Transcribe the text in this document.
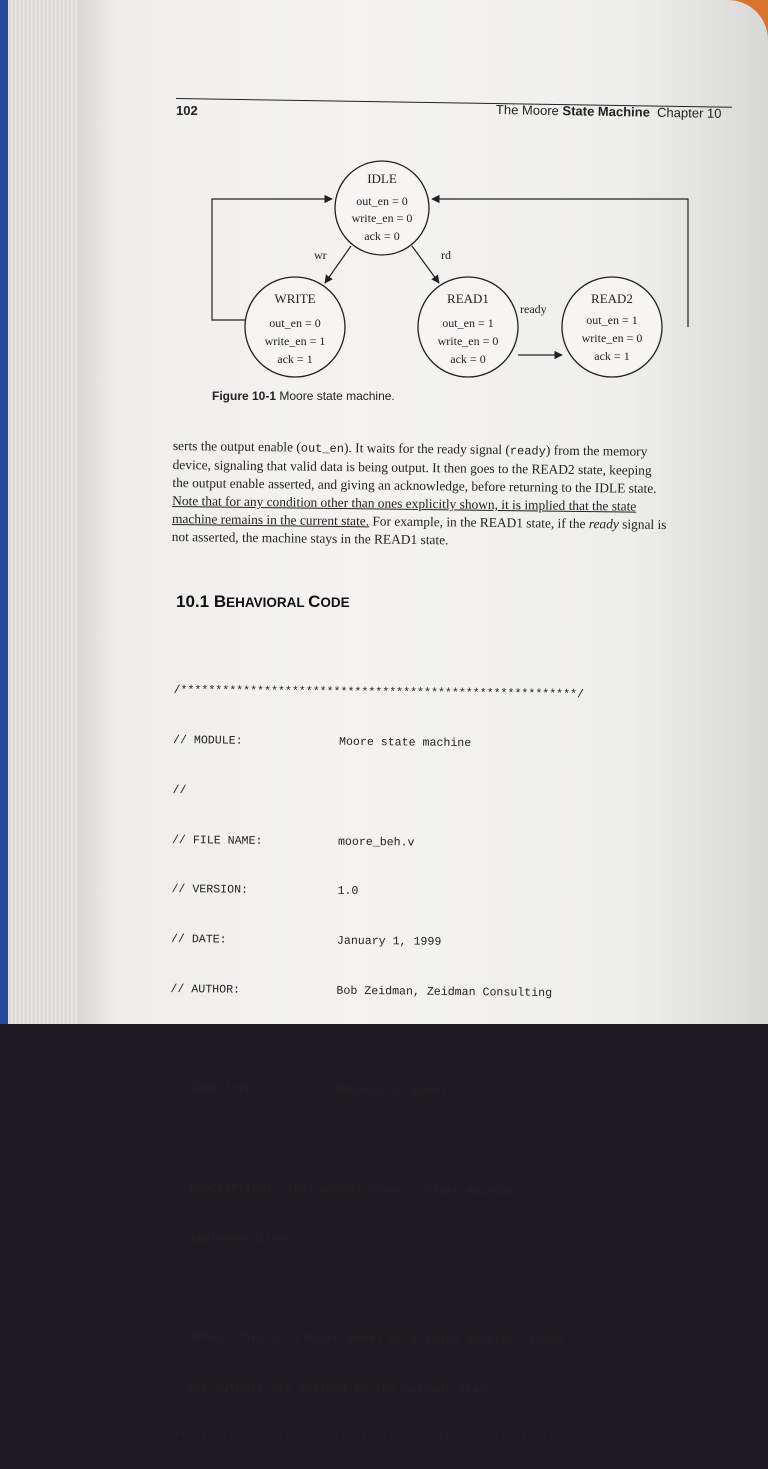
102	The Moore State Machine Chapter 10
wr	rd
ready
IDLE
out_en = 0
write_en = 0
ack = 0
WRITE
out_en = 0
write_en = 1
ack = 1
READ1
out_en = 1
write_en = 0
ack = 0
READ2
out_en = 1
write_en = 0
ack = 1
Figure 10-1 Moore state machine.
serts the output enable (out_en). It waits for the ready signal (ready) from the memory
device, signaling that valid data is being output. It then goes to the READ2 state, keeping
the output enable asserted, and giving an acknowledge, before returning to the IDLE state.
Note that for any condition other than ones explicitly shown, it is implied that the state
machine remains in the current state. For example, in the READ1 state, if the ready signal is
not asserted, the machine stays in the READ1 state.
10.1 BEHAVIORAL CODE

/*********************************************************/

// MODULE:	Moore state machine

//

// FILE NAME:	moore_beh.v

// VERSION:	1.0

// DATE:	January 1, 1999

// AUTHOR:	Bob Zeidman, Zeidman Consulting

//

// CODE TYPE:	Behavioral Level

//

// DESCRIPTION:  This module shows a state machine

// implementation.

//

// NOTES: This is a Moore model of a state machine, since

// the outputs are defined by the current state.

/*********************************************************/
